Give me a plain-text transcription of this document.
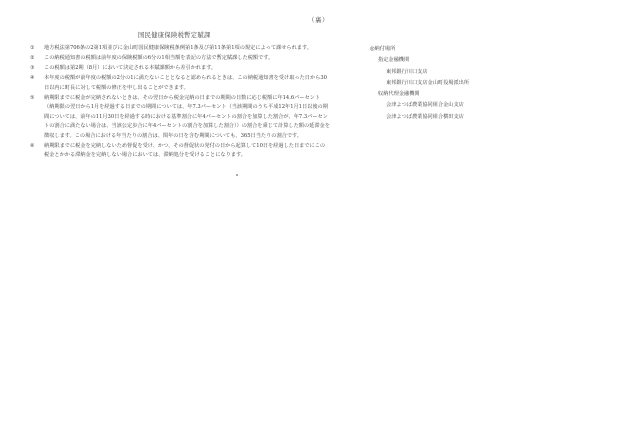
（裏）
国民健康保険税暫定賦課
①	地方税法第706条の2第1項並びに金山町国民健康保険税条例第1条及び第11条第1項の規定によって課せられます。
②	この納税通知書の税額は前年度の保険税額の6分の1相当額を表記の方法で暫定賦課した税額です。
③	この税額は第2期（8月）において決定される本賦課額から差引かれます。
④	本年度の税額が前年度の税額の2分の1に満たないこととなると認められるときは、この納税通知書を受け取った日から30日以内に町長に対して税額の修正を申し出ることができます。
⑤	納期限までに税金が完納されないときは、その翌日から税金完納の日までの期間の日数に応じ税額に年14.6パーセント（納期限の翌日から1月を経過する日までの期間については、年7.3パーセント（当該期間のうち平成12年1月1日以後の期間については、前年の11月30日を経過する時における基準割合に年4パーセントの割合を加算した割合が、年7.3パーセントの割合に満たない場合は、当該公定歩合に年4パーセントの割合を加算した割合））の割合を乗じて計算した額の延滞金を徴収します。この場合における年当たりの割合は、閏年の日を含む期間についても、365日当たりの割合です。
⑥	納期限までに税金を完納しないため督促を受け、かつ、その督促状の発付の日から起算して10日を経過した日までにこの税金とかかる滞納金を完納しない場合においては、滞納処分を受けることになります。
◎ 納付場所
指定金融機関
東邦銀行川口支店
東邦銀行川口支店金山町役場派出所
収納代理金融機関
会津よつば農業協同組合金山支店
会津よつば農業協同組合横田支店
